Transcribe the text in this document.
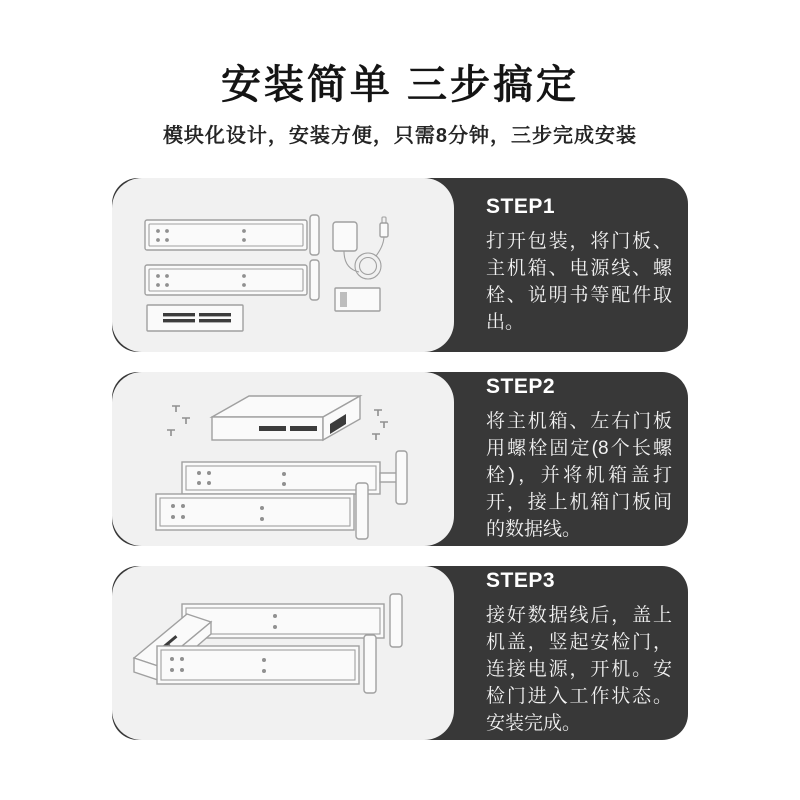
安装简单 三步搞定

模块化设计，安装方便，只需8分钟，三步完成安装

STEP1

打开包装，将门板、主机箱、电源线、螺栓、说明书等配件取出。

STEP2

将主机箱、左右门板用螺栓固定(8个长螺栓)，并将机箱盖打开，接上机箱门板间的数据线。

STEP3

接好数据线后，盖上机盖，竖起安检门，连接电源，开机。安检门进入工作状态。安装完成。
